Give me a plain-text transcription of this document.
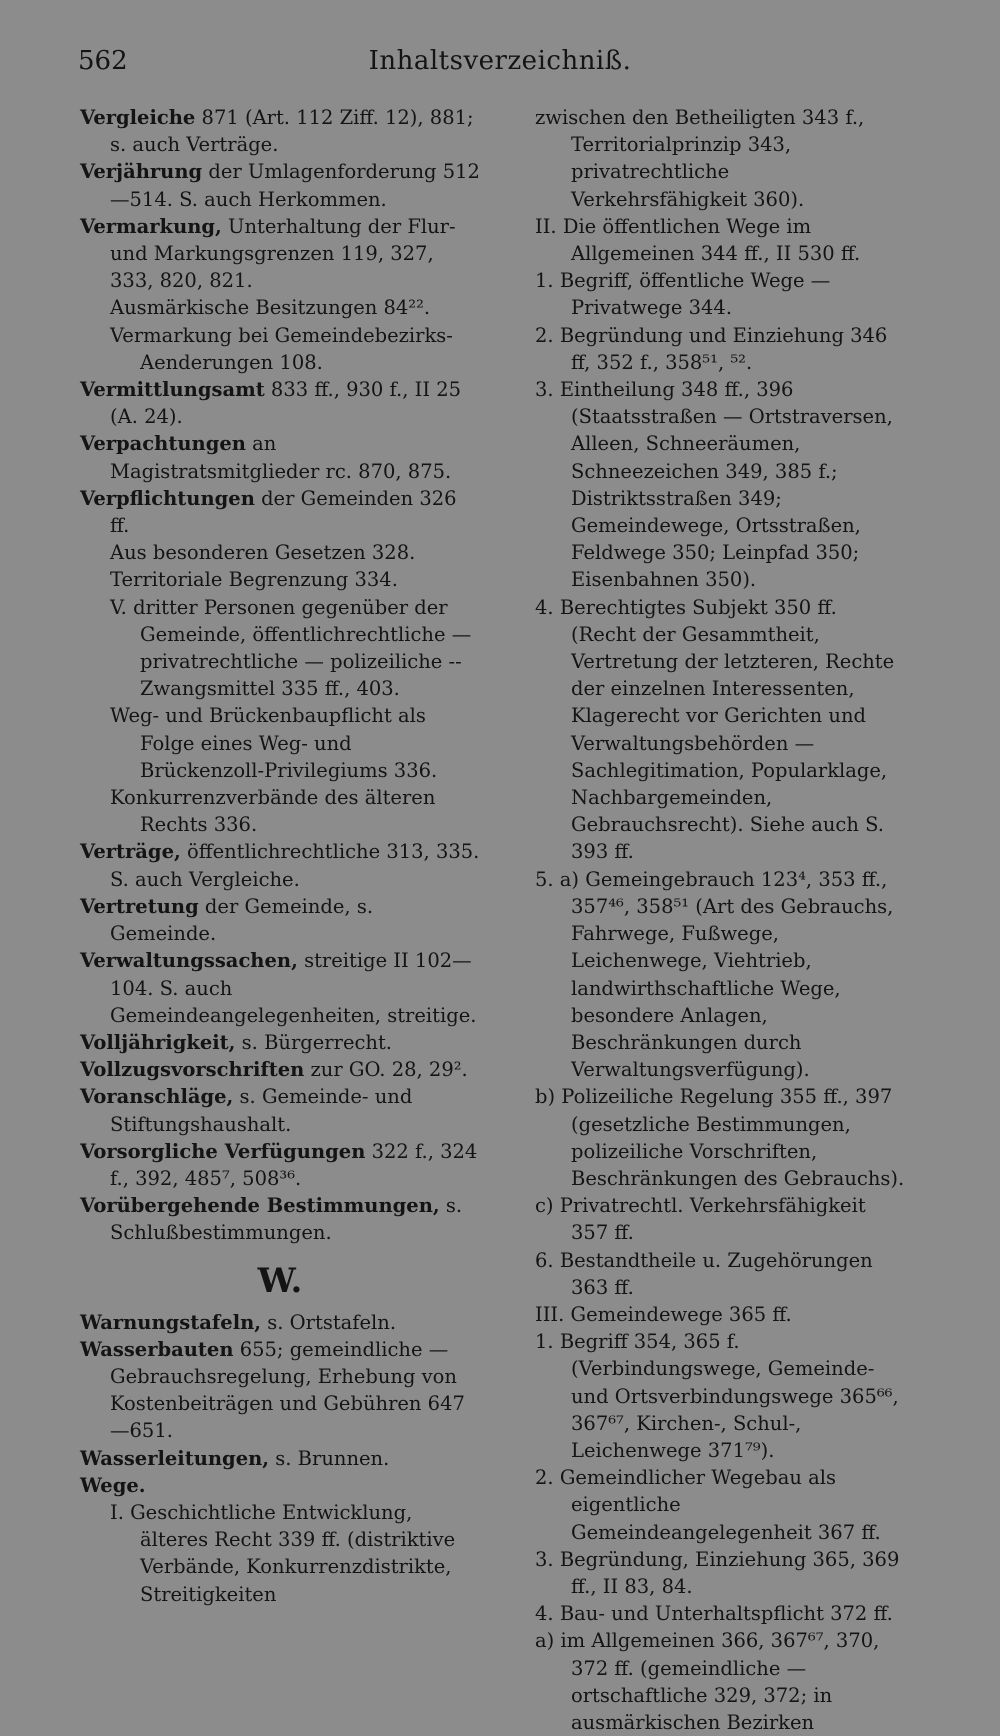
562	Inhaltsverzeichniß.

Vergleiche 871 (Art. 112 Ziff. 12), 881; s. auch Verträge.

Verjährung der Umlagenforderung 512—514. S. auch Herkommen.

Vermarkung, Unterhaltung der Flur- und Markungsgrenzen 119, 327, 333, 820, 821.

Ausmärkische Besitzungen 84²².

Vermarkung bei Gemeindebezirks-Aenderungen 108.

Vermittlungsamt 833 ff., 930 f., II 25 (A. 24).

Verpachtungen an Magistratsmitglieder rc. 870, 875.

Verpflichtungen der Gemeinden 326 ff.

Aus besonderen Gesetzen 328.

Territoriale Begrenzung 334.

V. dritter Personen gegenüber der Gemeinde, öffentlichrechtliche — privatrechtliche — polizeiliche -- Zwangsmittel 335 ff., 403.

Weg- und Brückenbaupflicht als Folge eines Weg- und Brückenzoll-Privilegiums 336.

Konkurrenzverbände des älteren Rechts 336.

Verträge, öffentlichrechtliche 313, 335. S. auch Vergleiche.

Vertretung der Gemeinde, s. Gemeinde.

Verwaltungssachen, streitige II 102—104. S. auch Gemeindeangelegenheiten, streitige.

Volljährigkeit, s. Bürgerrecht.

Vollzugsvorschriften zur GO. 28, 29².

Voranschläge, s. Gemeinde- und Stiftungshaushalt.

Vorsorgliche Verfügungen 322 f., 324 f., 392, 485⁷, 508³⁶.

Vorübergehende Bestimmungen, s. Schlußbestimmungen.

W.

Warnungstafeln, s. Ortstafeln.

Wasserbauten 655; gemeindliche — Gebrauchsregelung, Erhebung von Kostenbeiträgen und Gebühren 647—651.

Wasserleitungen, s. Brunnen.

Wege.

I. Geschichtliche Entwicklung, älteres Recht 339 ff. (distriktive Verbände, Konkurrenzdistrikte, Streitigkeiten

zwischen den Betheiligten 343 f., Territorialprinzip 343, privatrechtliche Verkehrsfähigkeit 360).

II. Die öffentlichen Wege im Allgemeinen 344 ff., II 530 ff.

1. Begriff, öffentliche Wege — Privatwege 344.

2. Begründung und Einziehung 346 ff, 352 f., 358⁵¹, ⁵².

3. Eintheilung 348 ff., 396 (Staatsstraßen — Ortstraversen, Alleen, Schneeräumen, Schneezeichen 349, 385 f.; Distriktsstraßen 349; Gemeindewege, Ortsstraßen, Feldwege 350; Leinpfad 350; Eisenbahnen 350).

4. Berechtigtes Subjekt 350 ff. (Recht der Gesammtheit, Vertretung der letzteren, Rechte der einzelnen Interessenten, Klagerecht vor Gerichten und Verwaltungsbehörden — Sachlegitimation, Popularklage, Nachbargemeinden, Gebrauchsrecht). Siehe auch S. 393 ff.

5. a) Gemeingebrauch 123⁴, 353 ff., 357⁴⁶, 358⁵¹ (Art des Gebrauchs, Fahrwege, Fußwege, Leichenwege, Viehtrieb, landwirthschaftliche Wege, besondere Anlagen, Beschränkungen durch Verwaltungsverfügung).

b) Polizeiliche Regelung 355 ff., 397 (gesetzliche Bestimmungen, polizeiliche Vorschriften, Beschränkungen des Gebrauchs).

c) Privatrechtl. Verkehrsfähigkeit 357 ff.

6. Bestandtheile u. Zugehörungen 363 ff.

III. Gemeindewege 365 ff.

1. Begriff 354, 365 f. (Verbindungswege, Gemeinde- und Ortsverbindungswege 365⁶⁶, 367⁶⁷, Kirchen-, Schul-, Leichenwege 371⁷⁹).

2. Gemeindlicher Wegebau als eigentliche Gemeindeangelegenheit 367 ff.

3. Begründung, Einziehung 365, 369 ff., II 83, 84.

4. Bau- und Unterhaltspflicht 372 ff.

a) im Allgemeinen 366, 367⁶⁷, 370, 372 ff. (gemeindliche — ortschaftliche 329, 372; in ausmärkischen Bezirken
